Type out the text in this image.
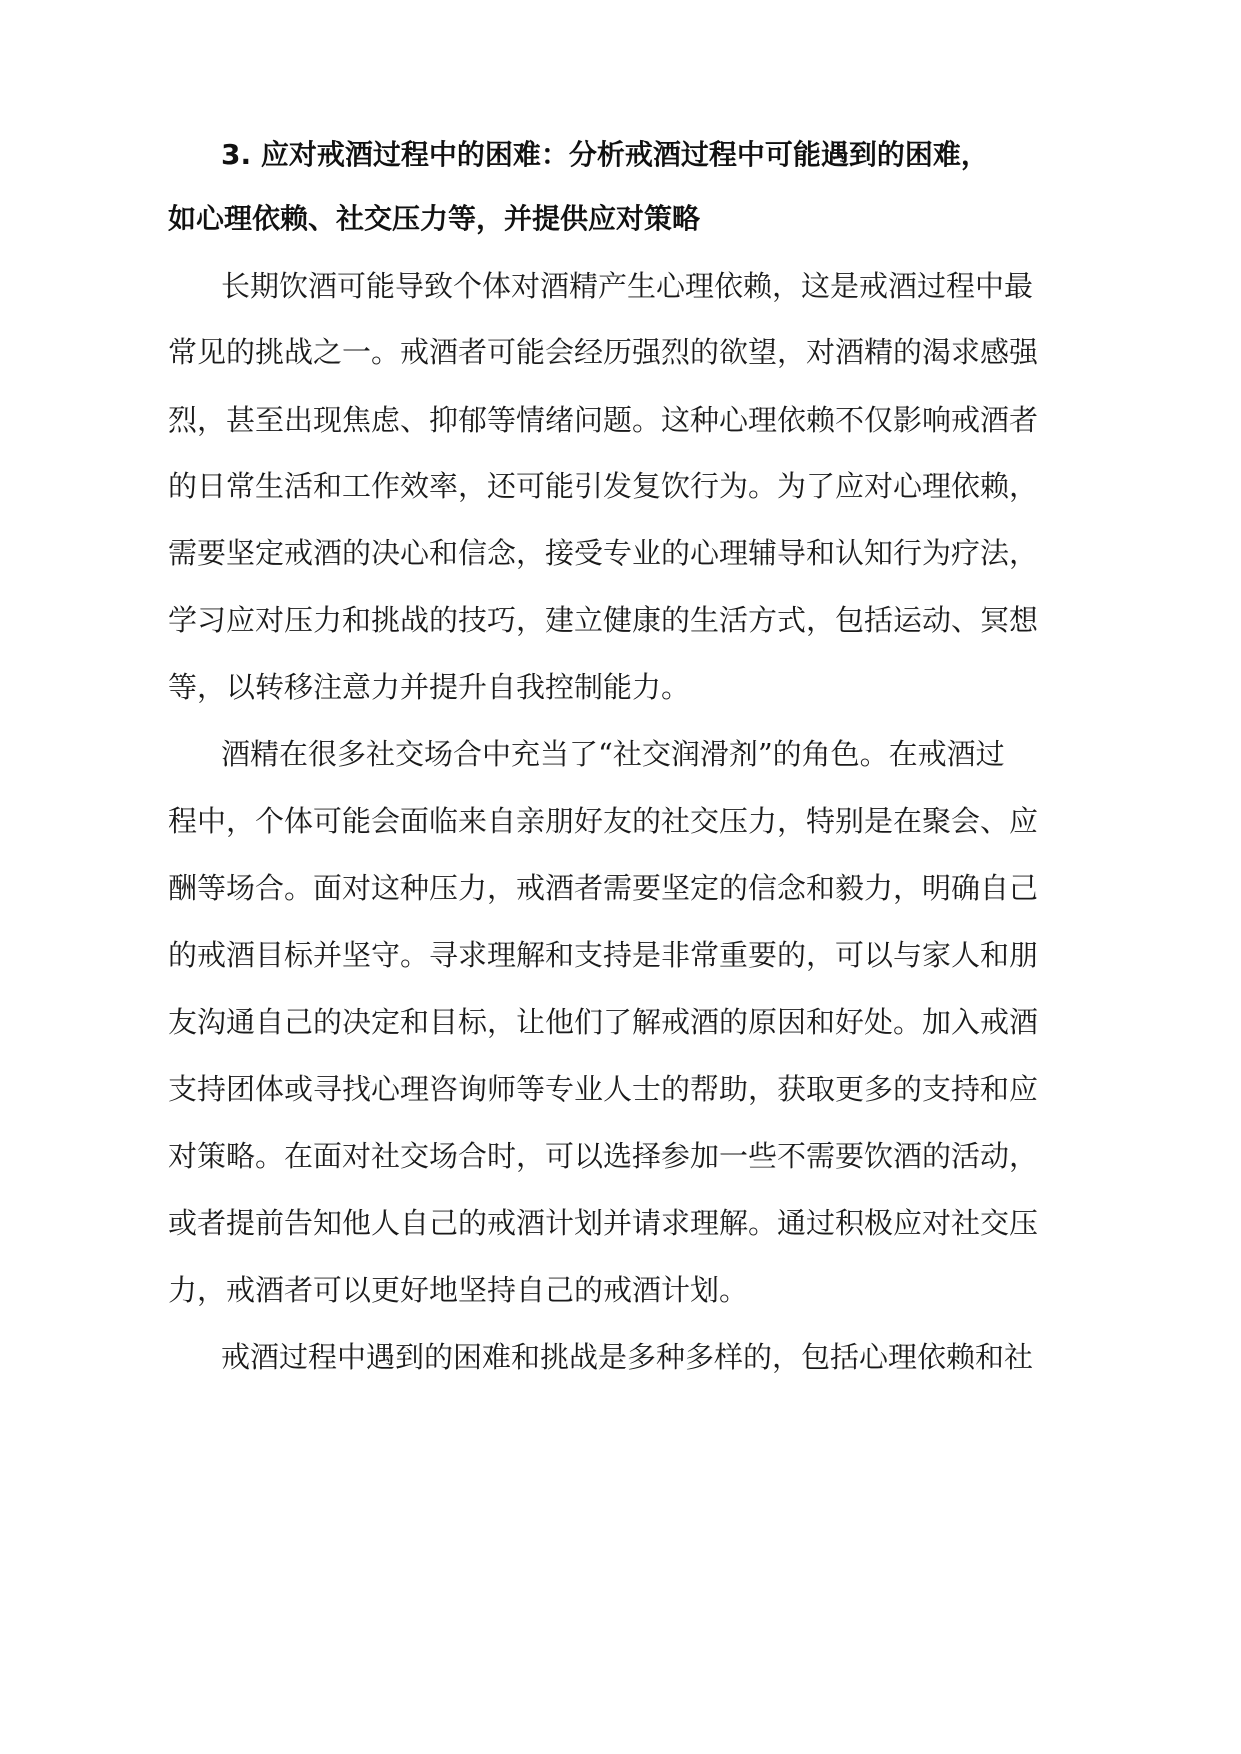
3. 应对戒酒过程中的困难：分析戒酒过程中可能遇到的困难，
如心理依赖、社交压力等，并提供应对策略
长期饮酒可能导致个体对酒精产生心理依赖，这是戒酒过程中最
常见的挑战之一。戒酒者可能会经历强烈的欲望，对酒精的渴求感强
烈，甚至出现焦虑、抑郁等情绪问题。这种心理依赖不仅影响戒酒者
的日常生活和工作效率，还可能引发复饮行为。为了应对心理依赖，
需要坚定戒酒的决心和信念，接受专业的心理辅导和认知行为疗法，
学习应对压力和挑战的技巧，建立健康的生活方式，包括运动、冥想
等，以转移注意力并提升自我控制能力。
酒精在很多社交场合中充当了“社交润滑剂”的角色。在戒酒过
程中，个体可能会面临来自亲朋好友的社交压力，特别是在聚会、应
酬等场合。面对这种压力，戒酒者需要坚定的信念和毅力，明确自己
的戒酒目标并坚守。寻求理解和支持是非常重要的，可以与家人和朋
友沟通自己的决定和目标，让他们了解戒酒的原因和好处。加入戒酒
支持团体或寻找心理咨询师等专业人士的帮助，获取更多的支持和应
对策略。在面对社交场合时，可以选择参加一些不需要饮酒的活动，
或者提前告知他人自己的戒酒计划并请求理解。通过积极应对社交压
力，戒酒者可以更好地坚持自己的戒酒计划。
戒酒过程中遇到的困难和挑战是多种多样的，包括心理依赖和社
